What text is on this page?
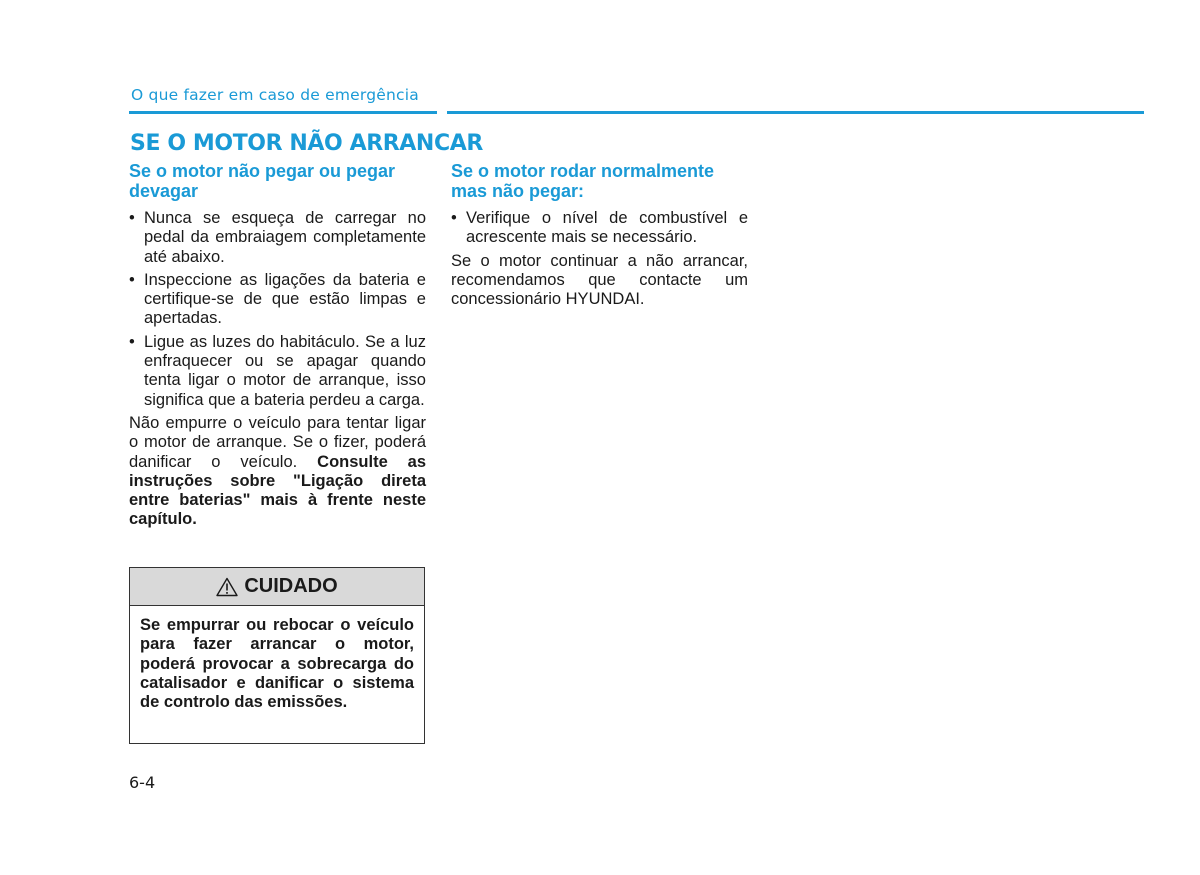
O que fazer em caso de emergência
SE O MOTOR NÃO ARRANCAR
Se o motor não pegar ou pegar devagar
• Nunca se esqueça de carregar no pedal da embraiagem completamente até abaixo.
• Inspeccione as ligações da bateria e certifique-se de que estão limpas e apertadas.
• Ligue as luzes do habitáculo. Se a luz enfraquecer ou se apagar quando tenta ligar o motor de arranque, isso significa que a bateria perdeu a carga.

Não empurre o veículo para tentar ligar o motor de arranque. Se o fizer, poderá danificar o veículo. Consulte as instruções sobre "Ligação direta entre baterias" mais à frente neste capítulo.

CUIDADO
Se empurrar ou rebocar o veículo para fazer arrancar o motor, poderá provocar a sobrecarga do catalisador e danificar o sistema de controlo das emissões.
Se o motor rodar normalmente mas não pegar:
• Verifique o nível de combustível e acrescente mais se necessário.

Se o motor continuar a não arrancar, recomendamos que contacte um concessionário HYUNDAI.

6-4
